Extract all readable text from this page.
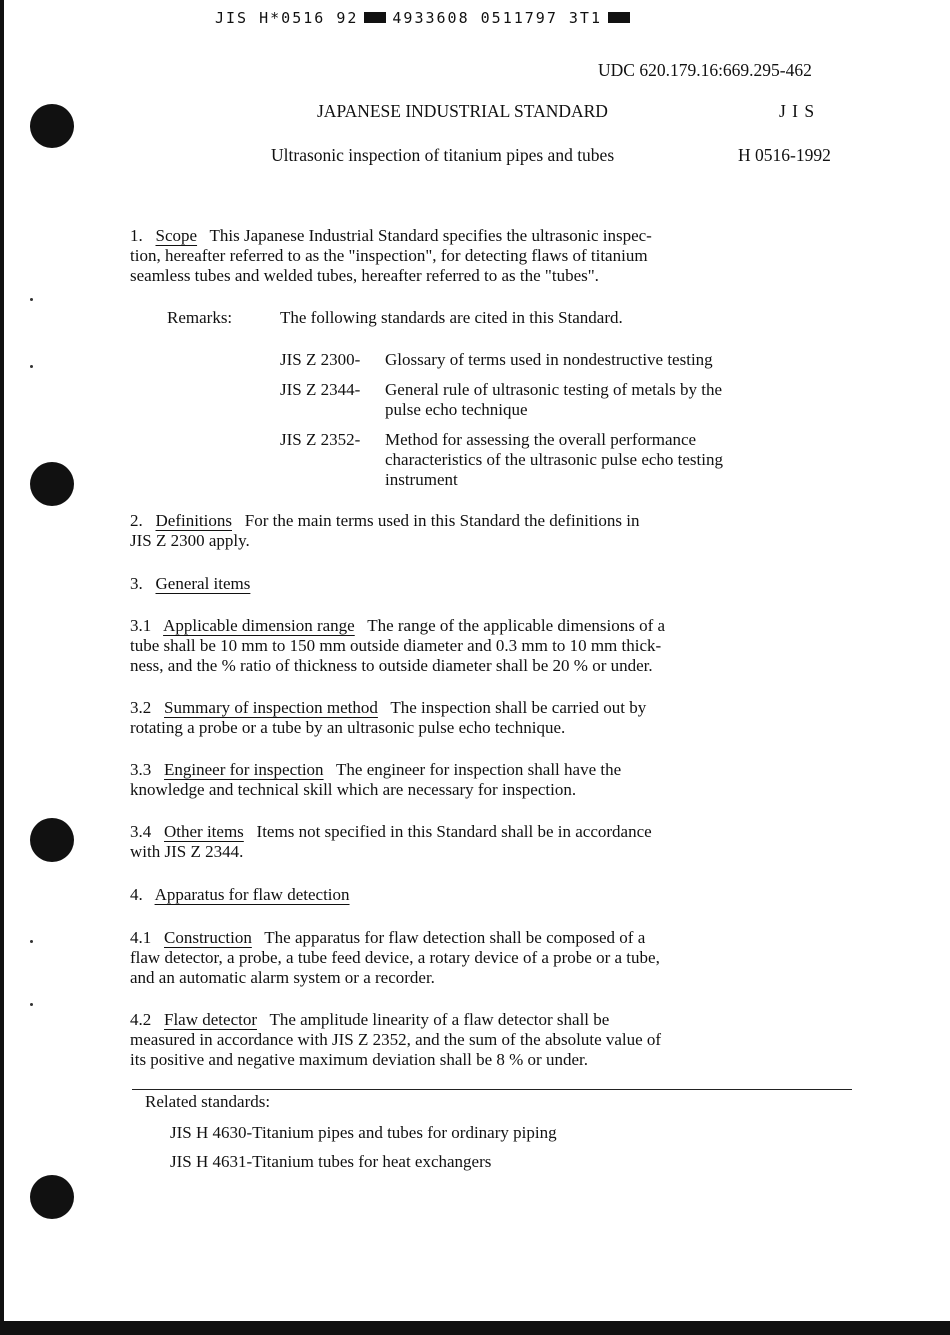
JIS H*0516 92 4933608 0511797 3T1
UDC 620.179.16:669.295-462
JAPANESE INDUSTRIAL STANDARD	J I S
Ultrasonic inspection of titanium pipes and tubes	H 0516-1992
1. Scope This Japanese Industrial Standard specifies the ultrasonic inspec-
tion, hereafter referred to as the "inspection", for detecting flaws of titanium
seamless tubes and welded tubes, hereafter referred to as the "tubes".
Remarks:	The following standards are cited in this Standard.
JIS Z 2300- Glossary of terms used in nondestructive testing
JIS Z 2344- General rule of ultrasonic testing of metals by the
pulse echo technique
JIS Z 2352- Method for assessing the overall performance
characteristics of the ultrasonic pulse echo testing
instrument
2. Definitions For the main terms used in this Standard the definitions in
JIS Z 2300 apply.
3. General items
3.1 Applicable dimension range The range of the applicable dimensions of a
tube shall be 10 mm to 150 mm outside diameter and 0.3 mm to 10 mm thick-
ness, and the % ratio of thickness to outside diameter shall be 20 % or under.
3.2 Summary of inspection method The inspection shall be carried out by
rotating a probe or a tube by an ultrasonic pulse echo technique.
3.3 Engineer for inspection The engineer for inspection shall have the
knowledge and technical skill which are necessary for inspection.
3.4 Other items Items not specified in this Standard shall be in accordance
with JIS Z 2344.
4. Apparatus for flaw detection
4.1 Construction The apparatus for flaw detection shall be composed of a
flaw detector, a probe, a tube feed device, a rotary device of a probe or a tube,
and an automatic alarm system or a recorder.
4.2 Flaw detector The amplitude linearity of a flaw detector shall be
measured in accordance with JIS Z 2352, and the sum of the absolute value of
its positive and negative maximum deviation shall be 8 % or under.
Related standards:
JIS H 4630-Titanium pipes and tubes for ordinary piping
JIS H 4631-Titanium tubes for heat exchangers
